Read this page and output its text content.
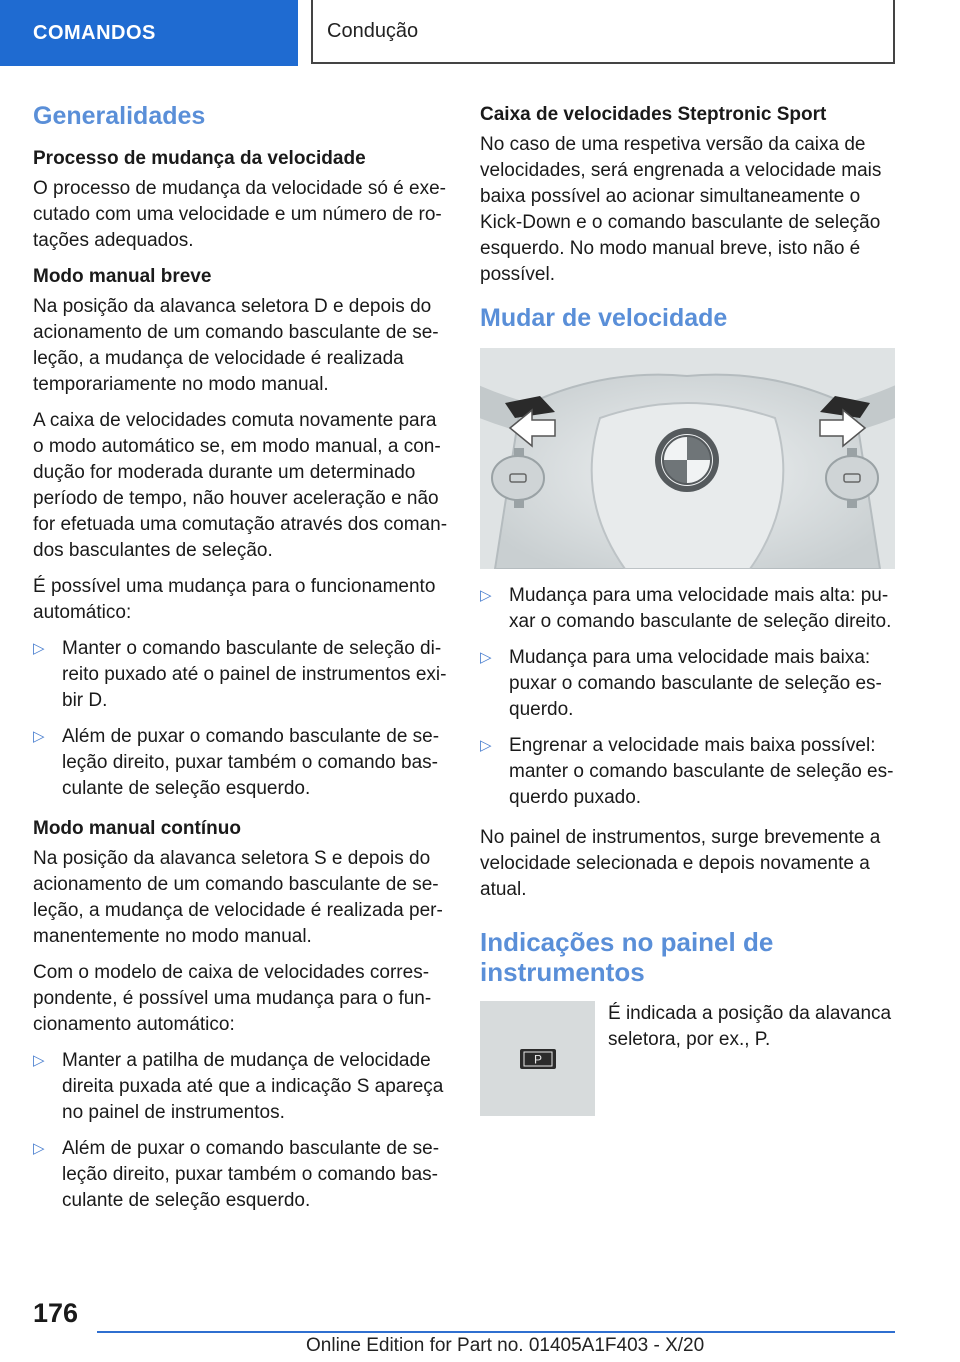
COMANDOS	Condução
Generalidades
Processo de mudança da velocidade

O processo de mudança da velocidade só é executado com uma velocidade e um número de rotações adequados.

Modo manual breve

Na posição da alavanca seletora D e depois do acionamento de um comando basculante de seleção, a mudança de velocidade é realizada temporariamente no modo manual.

A caixa de velocidades comuta novamente para o modo automático se, em modo manual, a condução for moderada durante um determinado período de tempo, não houver aceleração e não for efetuada uma comutação através dos comandos basculantes de seleção.

É possível uma mudança para o funcionamento automático:

▷ Manter o comando basculante de seleção direito puxado até o painel de instrumentos exibir D.
▷ Além de puxar o comando basculante de seleção direito, puxar também o comando basculante de seleção esquerdo.
Modo manual contínuo

Na posição da alavanca seletora S e depois do acionamento de um comando basculante de seleção, a mudança de velocidade é realizada permanentemente no modo manual.

Com o modelo de caixa de velocidades correspondente, é possível uma mudança para o funcionamento automático:

▷ Manter a patilha de mudança de velocidade direita puxada até que a indicação S apareça no painel de instrumentos.
▷ Além de puxar o comando basculante de seleção direito, puxar também o comando basculante de seleção esquerdo.
Caixa de velocidades Steptronic Sport

No caso de uma respetiva versão da caixa de velocidades, será engrenada a velocidade mais baixa possível ao acionar simultaneamente o Kick-Down e o comando basculante de seleção esquerdo. No modo manual breve, isto não é possível.

Mudar de velocidade
▷ Mudança para uma velocidade mais alta: puxar o comando basculante de seleção direito.
▷ Mudança para uma velocidade mais baixa: puxar o comando basculante de seleção esquerdo.
▷ Engrenar a velocidade mais baixa possível: manter o comando basculante de seleção esquerdo puxado.

No painel de instrumentos, surge brevemente a velocidade selecionada e depois novamente a atual.

Indicações no painel de instrumentos
P

É indicada a posição da alavanca seletora, por ex., P.

176
Online Edition for Part no. 01405A1F403 - X/20
